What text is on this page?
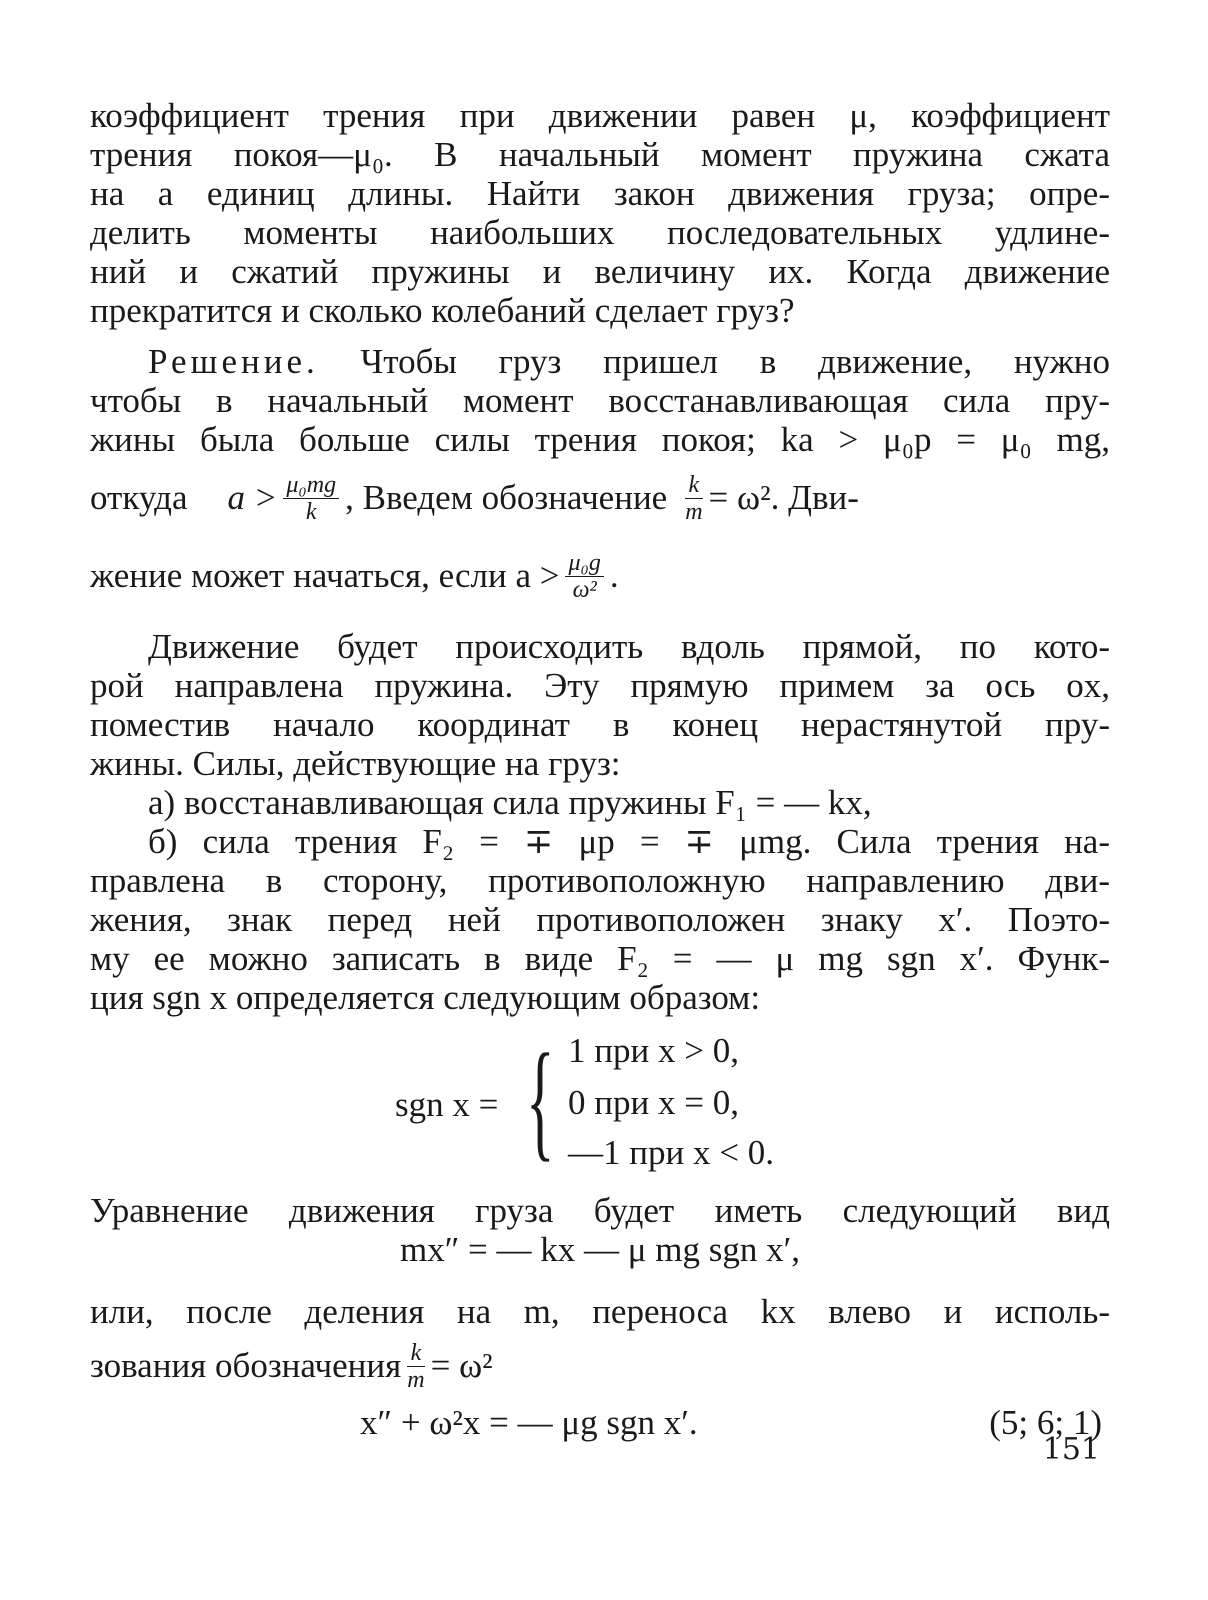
коэффициент трения при движении равен μ, коэффициент
трения покоя—μ₀. В начальный момент пружина сжата
на a единиц длины. Найти закон движения груза; опре-
делить моменты наибольших последовательных удлине-
ний и сжатий пружины и величину их. Когда движение
прекратится и сколько колебаний сделает груз?
Решение. Чтобы груз пришел в движение, нужно
чтобы в начальный момент восстанавливающая сила пру-
жины была больше силы трения покоя; ka > μ₀p = μ₀ mg,
откуда $a > \frac{\text{μ₀mg}}{k}$ , Введем обозначение $\frac{k}{m} = \omega^2$. Дви-
жение может начаться, если $a > \frac{\text{μ₀g}}{\text{ω²}}$ .
Движение будет происходить вдоль прямой, по кото-
рой направлена пружина. Эту прямую примем за ось ox,
поместив начало координат в конец нерастянутой пру-
жины. Силы, действующие на груз:
а) восстанавливающая сила пружины F₁ = — kx,
б) сила трения F₂ = ∓ μp = ∓ μmg. Сила трения на-
правлена в сторону, противоположную направлению дви-
жения, знак перед ней противоположен знаку x′. Поэто-
му ее можно записать в виде F₂ = — μ mg sgn x′. Функ-
ция sgn x определяется следующим образом:
sgn x = { 1 при x > 0,
0 при x = 0,
—1 при x < 0.
Уравнение движения груза будет иметь следующий вид
mx″ = — kx — μ mg sgn x′,
или, после деления на m, переноса kx влево и исполь-
зования обозначения $\frac{k}{m} = \omega^2$
x″ + ω²x = — μg sgn x′.	(5; 6; 1)
151
